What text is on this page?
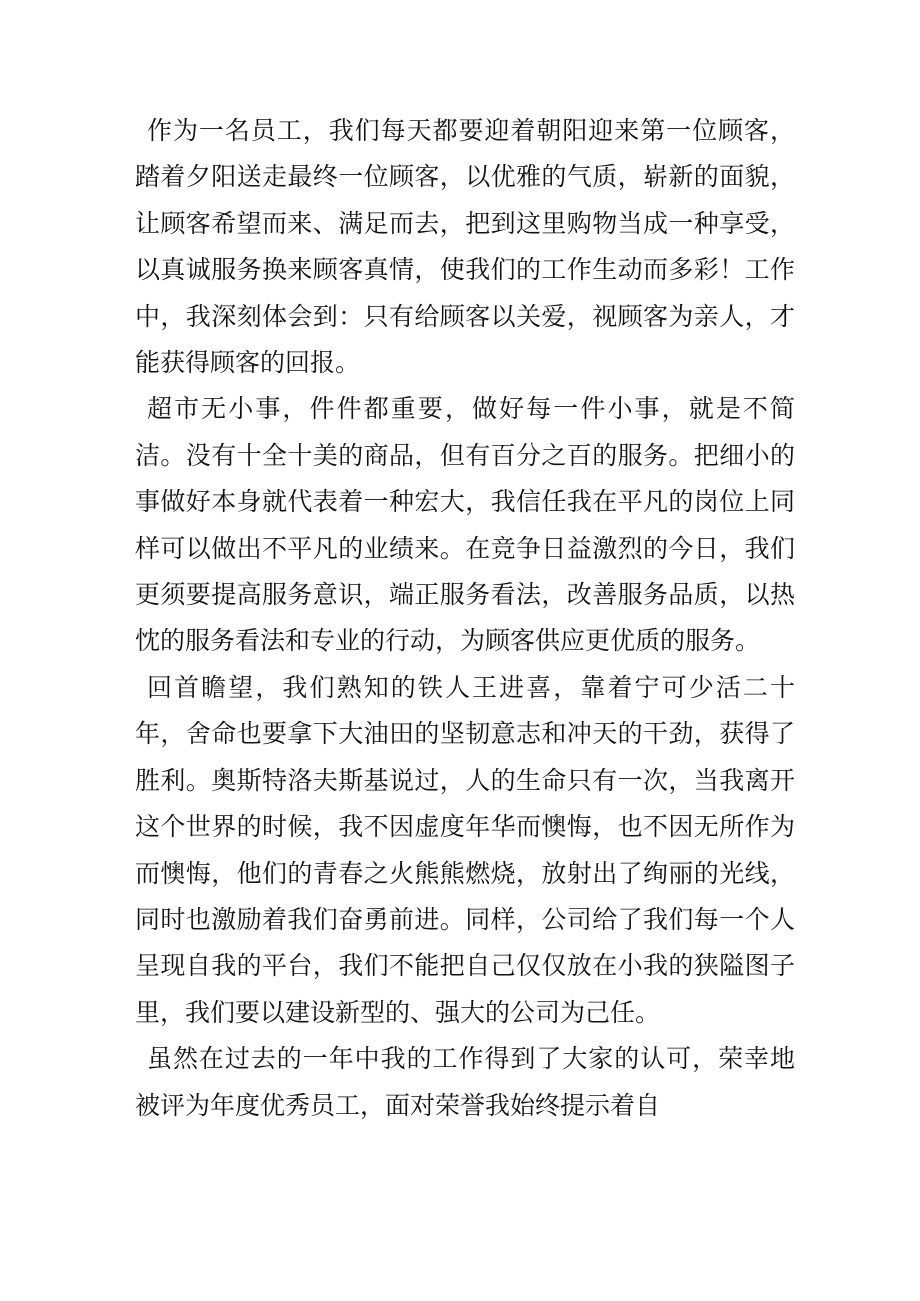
作为一名员工，我们每天都要迎着朝阳迎来第一位顾客，踏着夕阳送走最终一位顾客，以优雅的气质，崭新的面貌，让顾客希望而来、满足而去，把到这里购物当成一种享受，以真诚服务换来顾客真情，使我们的工作生动而多彩！工作中，我深刻体会到：只有给顾客以关爱，视顾客为亲人，才能获得顾客的回报。

超市无小事，件件都重要，做好每一件小事，就是不简洁。没有十全十美的商品，但有百分之百的服务。把细小的事做好本身就代表着一种宏大，我信任我在平凡的岗位上同样可以做出不平凡的业绩来。在竞争日益激烈的今日，我们更须要提高服务意识，端正服务看法，改善服务品质，以热忱的服务看法和专业的行动，为顾客供应更优质的服务。

回首瞻望，我们熟知的铁人王进喜，靠着宁可少活二十年，舍命也要拿下大油田的坚韧意志和冲天的干劲，获得了胜利。奥斯特洛夫斯基说过，人的生命只有一次，当我离开这个世界的时候，我不因虚度年华而懊悔，也不因无所作为而懊悔，他们的青春之火熊熊燃烧，放射出了绚丽的光线，同时也激励着我们奋勇前进。同样，公司给了我们每一个人呈现自我的平台，我们不能把自己仅仅放在小我的狭隘图子里，我们要以建设新型的、强大的公司为己任。

虽然在过去的一年中我的工作得到了大家的认可，荣幸地被评为年度优秀员工，面对荣誉我始终提示着自
